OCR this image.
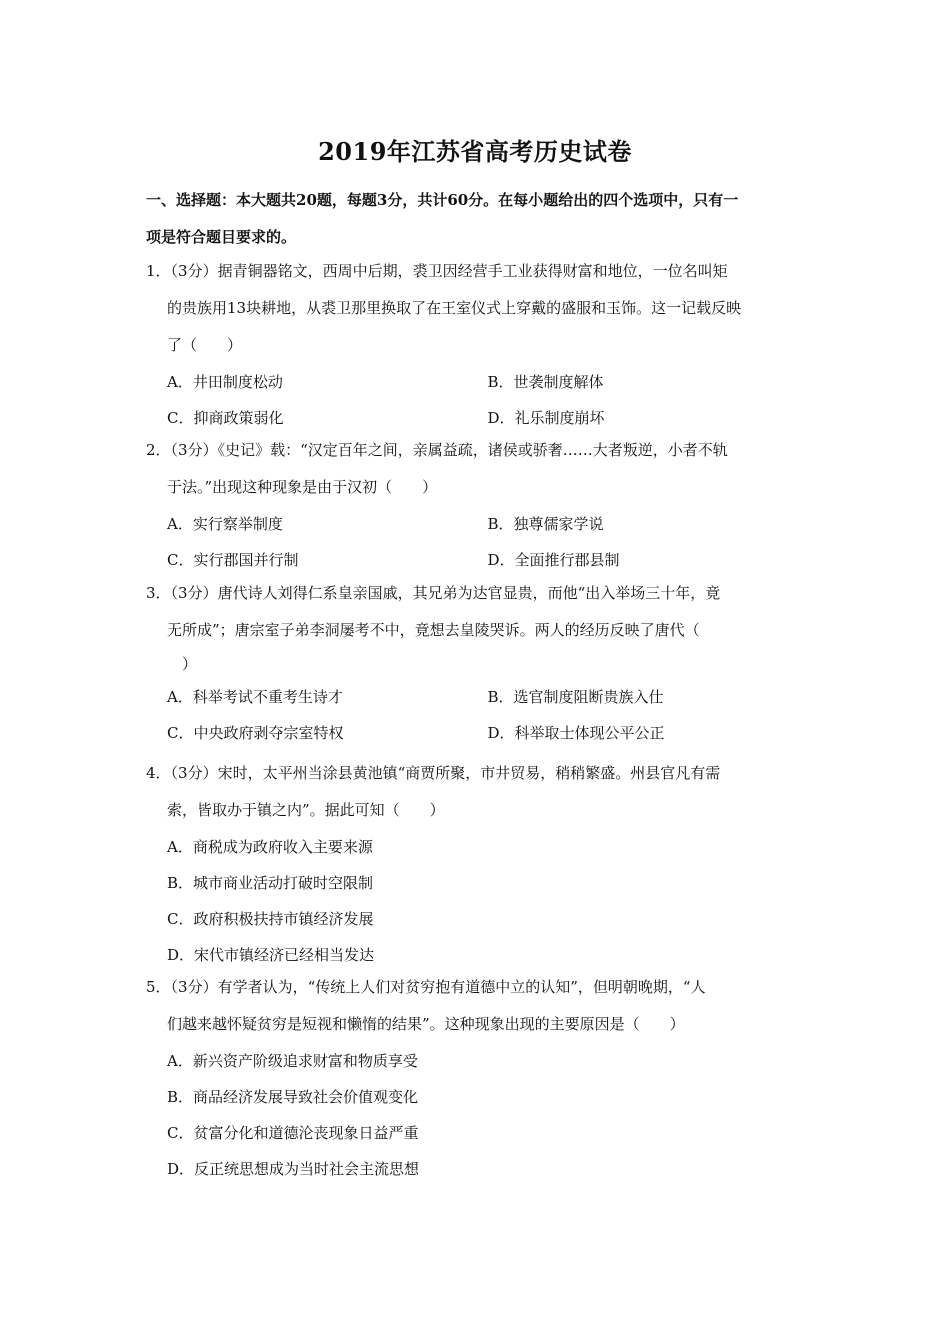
2019年江苏省高考历史试卷
一、选择题：本大题共20题，每题3分，共计60分。在每小题给出的四个选项中，只有一
项是符合题目要求的。
1．（3分）据青铜器铭文，西周中后期，裘卫因经营手工业获得财富和地位，一位名叫矩
的贵族用13块耕地，从裘卫那里换取了在王室仪式上穿戴的盛服和玉饰。这一记载反映
了（　　）
A．井田制度松动	B．世袭制度解体
C．抑商政策弱化	D．礼乐制度崩坏
2．（3分）《史记》载：“汉定百年之间，亲属益疏，诸侯或骄奢……大者叛逆，小者不轨
于法。”出现这种现象是由于汉初（　　）
A．实行察举制度	B．独尊儒家学说
C．实行郡国并行制	D．全面推行郡县制
3．（3分）唐代诗人刘得仁系皇亲国戚，其兄弟为达官显贵，而他“出入举场三十年，竟
无所成”；唐宗室子弟李洞屡考不中，竟想去皇陵哭诉。两人的经历反映了唐代（
　）
A．科举考试不重考生诗才	B．选官制度阻断贵族入仕
C．中央政府剥夺宗室特权	D．科举取士体现公平公正
4．（3分）宋时，太平州当涂县黄池镇“商贾所聚，市井贸易，稍稍繁盛。州县官凡有需
索，皆取办于镇之内”。据此可知（　　）
A．商税成为政府收入主要来源
B．城市商业活动打破时空限制
C．政府积极扶持市镇经济发展
D．宋代市镇经济已经相当发达
5．（3分）有学者认为，“传统上人们对贫穷抱有道德中立的认知”，但明朝晚期，“人
们越来越怀疑贫穷是短视和懒惰的结果”。这种现象出现的主要原因是（　　）
A．新兴资产阶级追求财富和物质享受
B．商品经济发展导致社会价值观变化
C．贫富分化和道德沦丧现象日益严重
D．反正统思想成为当时社会主流思想
